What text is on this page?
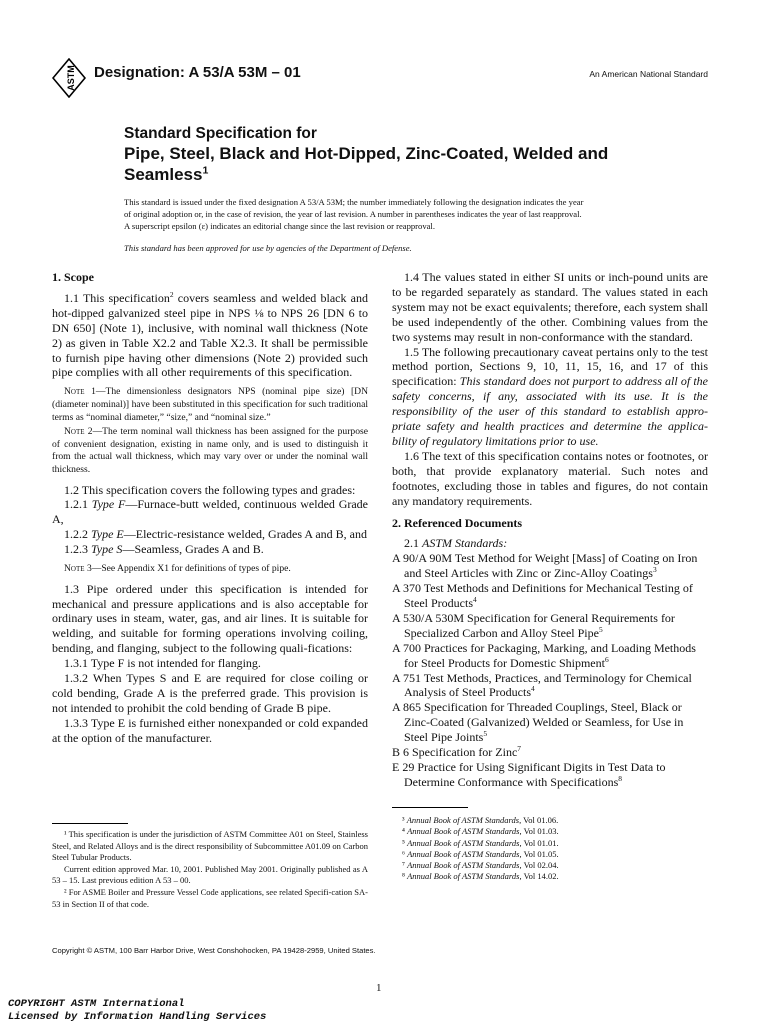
ASTM Designation: A 53/A 53M – 01	An American National Standard
Standard Specification for
Pipe, Steel, Black and Hot-Dipped, Zinc-Coated, Welded and
Seamless$^1$

This standard is issued under the fixed designation A 53/A 53M; the number immediately following the designation indicates the year

of original adoption or, in the case of revision, the year of last revision. A number in parentheses indicates the year of last reapproval.

A superscript epsilon (ε) indicates an editorial change since the last revision or reapproval.

This standard has been approved for use by agencies of the Department of Defense.

1. Scope

1.1 This specification$^2$ covers seamless and welded black and hot-dipped galvanized steel pipe in NPS ⅛ to NPS 26 [DN 6 to DN 650] (Note 1), inclusive, with nominal wall thickness (Note 2) as given in Table X2.2 and Table X2.3. It shall be permissible to furnish pipe having other dimensions (Note 2) provided such pipe complies with all other requirements of this specification.

Note 1—The dimensionless designators NPS (nominal pipe size) [DN (diameter nominal)] have been substituted in this specification for such traditional terms as “nominal diameter,” “size,” and “nominal size.”

Note 2—The term nominal wall thickness has been assigned for the purpose of convenient designation, existing in name only, and is used to distinguish it from the actual wall thickness, which may vary over or under the nominal wall thickness.

1.2 This specification covers the following types and grades:

1.2.1 Type F—Furnace-butt welded, continuous welded Grade A,

1.2.2 Type E—Electric-resistance welded, Grades A and B, and

1.2.3 Type S—Seamless, Grades A and B.

Note 3—See Appendix X1 for definitions of types of pipe.

1.3 Pipe ordered under this specification is intended for mechanical and pressure applications and is also acceptable for ordinary uses in steam, water, gas, and air lines. It is suitable for welding, and suitable for forming operations involving coiling, bending, and flanging, subject to the following quali-fications:

1.3.1 Type F is not intended for flanging.

1.3.2 When Types S and E are required for close coiling or cold bending, Grade A is the preferred grade. This provision is not intended to prohibit the cold bending of Grade B pipe.

1.3.3 Type E is furnished either nonexpanded or cold expanded at the option of the manufacturer.

1.4 The values stated in either SI units or inch-pound units are to be regarded separately as standard. The values stated in each system may not be exact equivalents; therefore, each system shall be used independently of the other. Combining values from the two systems may result in non-conformance with the standard.

1.5 The following precautionary caveat pertains only to the test method portion, Sections 9, 10, 11, 15, 16, and 17 of this specification: This standard does not purport to address all of the safety concerns, if any, associated with its use. It is the responsibility of the user of this standard to establish appro-priate safety and health practices and determine the applica-bility of regulatory limitations prior to use.

1.6 The text of this specification contains notes or footnotes, or both, that provide explanatory material. Such notes and footnotes, excluding those in tables and figures, do not contain any mandatory requirements.

2. Referenced Documents

2.1 ASTM Standards:

A 90/A 90M Test Method for Weight [Mass] of Coating on Iron and Steel Articles with Zinc or Zinc-Alloy Coatings$^3$

A 370 Test Methods and Definitions for Mechanical Testing of Steel Products$^4$

A 530/A 530M Specification for General Requirements for Specialized Carbon and Alloy Steel Pipe$^5$

A 700 Practices for Packaging, Marking, and Loading Methods for Steel Products for Domestic Shipment$^6$

A 751 Test Methods, Practices, and Terminology for Chemical Analysis of Steel Products$^4$

A 865 Specification for Threaded Couplings, Steel, Black or Zinc-Coated (Galvanized) Welded or Seamless, for Use in Steel Pipe Joints$^5$

B 6 Specification for Zinc$^7$

E 29 Practice for Using Significant Digits in Test Data to Determine Conformance with Specifications$^8$

¹ This specification is under the jurisdiction of ASTM Committee A01 on Steel, Stainless Steel, and Related Alloys and is the direct responsibility of Subcommittee A01.09 on Carbon Steel Tubular Products.

Current edition approved Mar. 10, 2001. Published May 2001. Originally published as A 53 – 15. Last previous edition A 53 – 00.

² For ASME Boiler and Pressure Vessel Code applications, see related Specifi-cation SA-53 in Section II of that code.

³ Annual Book of ASTM Standards, Vol 01.06.

⁴ Annual Book of ASTM Standards, Vol 01.03.

⁵ Annual Book of ASTM Standards, Vol 01.01.

⁶ Annual Book of ASTM Standards, Vol 01.05.

⁷ Annual Book of ASTM Standards, Vol 02.04.

⁸ Annual Book of ASTM Standards, Vol 14.02.

Copyright © ASTM, 100 Barr Harbor Drive, West Conshohocken, PA 19428-2959, United States.
1

COPYRIGHT ASTM International

Licensed by Information Handling Services
